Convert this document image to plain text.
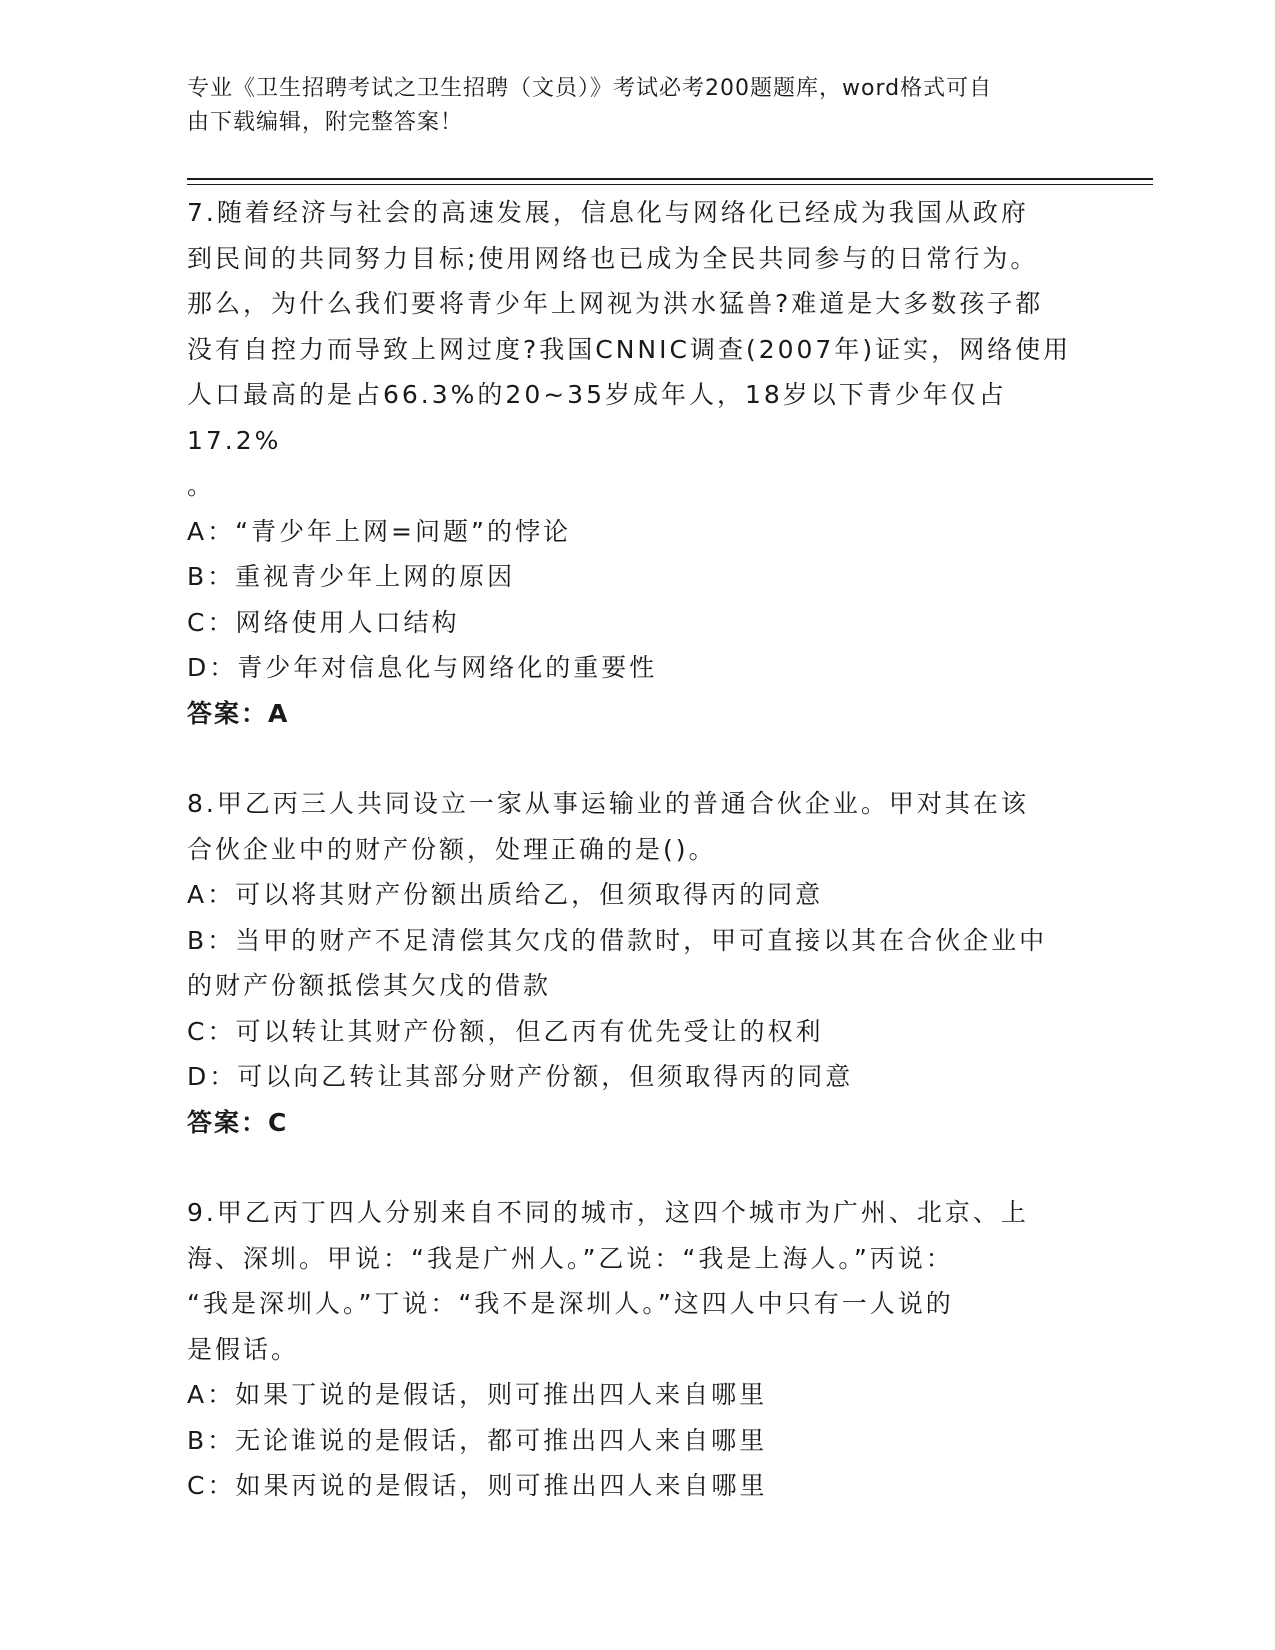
专业《卫生招聘考试之卫生招聘（文员）》考试必考200题题库，word格式可自
由下载编辑，附完整答案！
7.随着经济与社会的高速发展，信息化与网络化已经成为我国从政府
到民间的共同努力目标;使用网络也已成为全民共同参与的日常行为。
那么，为什么我们要将青少年上网视为洪水猛兽?难道是大多数孩子都
没有自控力而导致上网过度?我国CNNIC调查(2007年)证实，网络使用
人口最高的是占66.3%的20~35岁成年人，18岁以下青少年仅占17.2%
。
A：“青少年上网=问题”的悖论
B：重视青少年上网的原因
C：网络使用人口结构
D：青少年对信息化与网络化的重要性
答案：A
8.甲乙丙三人共同设立一家从事运输业的普通合伙企业。甲对其在该
合伙企业中的财产份额，处理正确的是()。
A：可以将其财产份额出质给乙，但须取得丙的同意
B：当甲的财产不足清偿其欠戊的借款时，甲可直接以其在合伙企业中
的财产份额抵偿其欠戊的借款
C：可以转让其财产份额，但乙丙有优先受让的权利
D：可以向乙转让其部分财产份额，但须取得丙的同意
答案：C
9.甲乙丙丁四人分别来自不同的城市，这四个城市为广州、北京、上
海、深圳。甲说：“我是广州人。”乙说：“我是上海人。”丙说：
“我是深圳人。”丁说：“我不是深圳人。”这四人中只有一人说的
是假话。
A：如果丁说的是假话，则可推出四人来自哪里
B：无论谁说的是假话，都可推出四人来自哪里
C：如果丙说的是假话，则可推出四人来自哪里
